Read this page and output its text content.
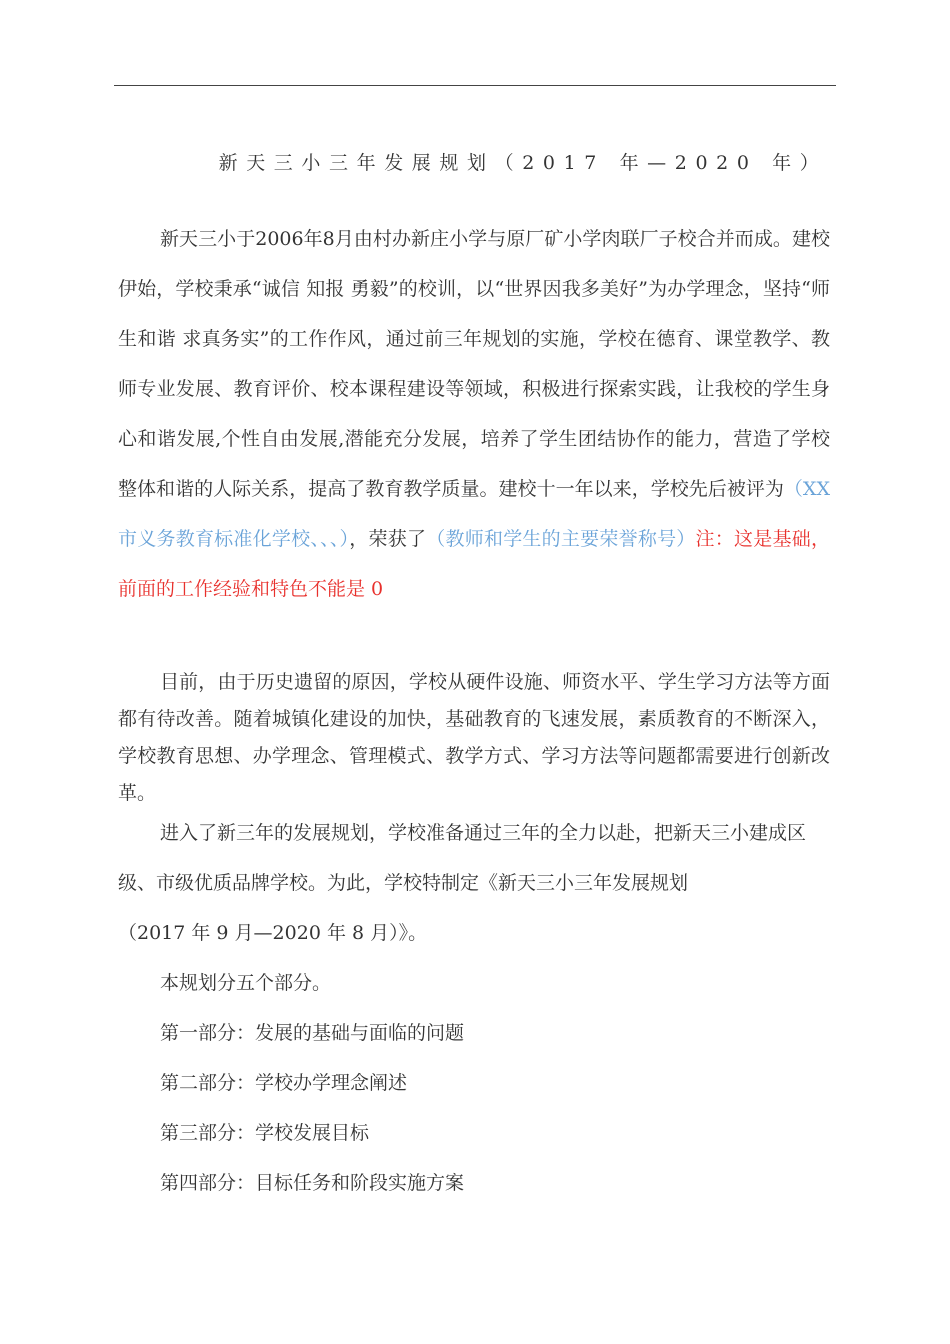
新天三小三年发展规划（2017 年—2020 年）
新天三小于2006年8月由村办新庄小学与原厂矿小学肉联厂子校合并而成。建校伊始，学校秉承“诚信 知报 勇毅”的校训，以“世界因我多美好”为办学理念，坚持“师生和谐 求真务实”的工作作风，通过前三年规划的实施，学校在德育、课堂教学、教师专业发展、教育评价、校本课程建设等领域，积极进行探索实践，让我校的学生身心和谐发展,个性自由发展,潜能充分发展，培养了学生团结协作的能力，营造了学校整体和谐的人际关系，提高了教育教学质量。建校十一年以来，学校先后被评为（XX 市义务教育标准化学校、、、），荣获了（教师和学生的主要荣誉称号）注：这是基础，前面的工作经验和特色不能是 0
目前，由于历史遗留的原因，学校从硬件设施、师资水平、学生学习方法等方面都有待改善。随着城镇化建设的加快，基础教育的飞速发展，素质教育的不断深入，学校教育思想、办学理念、管理模式、教学方式、学习方法等问题都需要进行创新改革。
进入了新三年的发展规划，学校准备通过三年的全力以赴，把新天三小建成区级、市级优质品牌学校。为此，学校特制定《新天三小三年发展规划
（2017 年 9 月—2020 年 8 月）》。
本规划分五个部分。
第一部分：发展的基础与面临的问题
第二部分：学校办学理念阐述
第三部分：学校发展目标
第四部分：目标任务和阶段实施方案
